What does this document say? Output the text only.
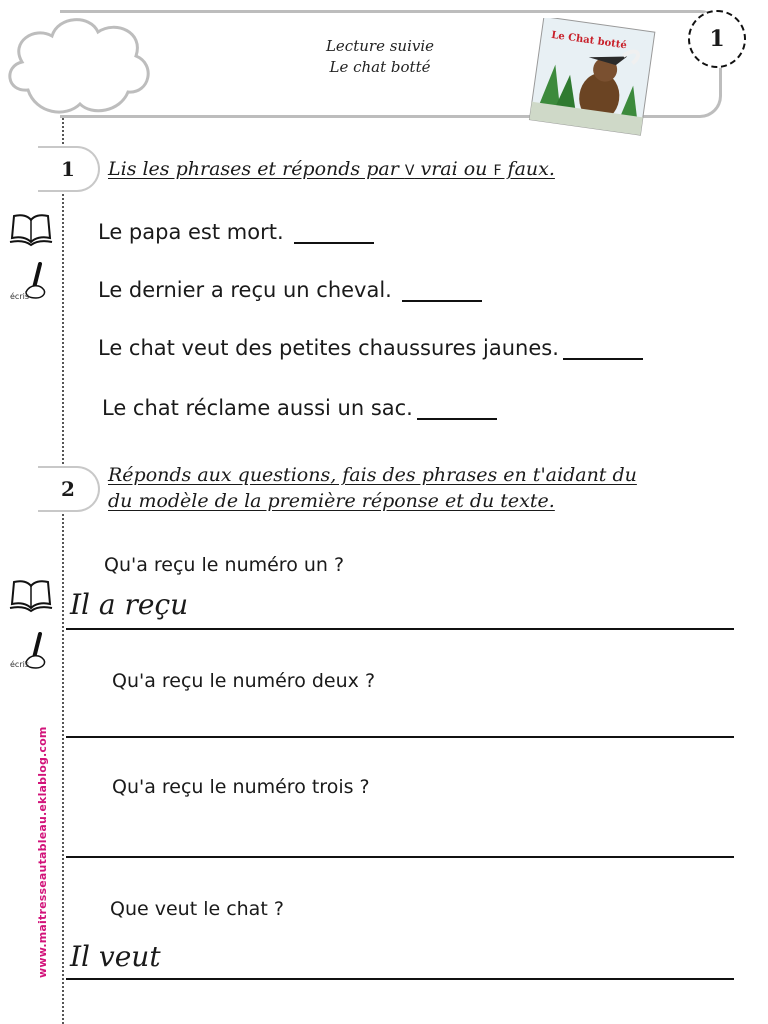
Lecture suivie
Le chat botté
Le Chat botté	1
écris
écris
www.maitresseautableau.eklablog.com
1	Lis les phrases et réponds par V vrai ou F faux.
Le papa est mort.
Le dernier a reçu un cheval.
Le chat veut des petites chaussures jaunes.
Le chat réclame aussi un sac.
2
Réponds aux questions, fais des phrases en t'aidant du
du modèle de la première réponse et du texte.
Qu'a reçu le numéro un ?
Il a reçu
Qu'a reçu le numéro deux ?
Qu'a reçu le numéro trois ?
Que veut le chat ?
Il veut
